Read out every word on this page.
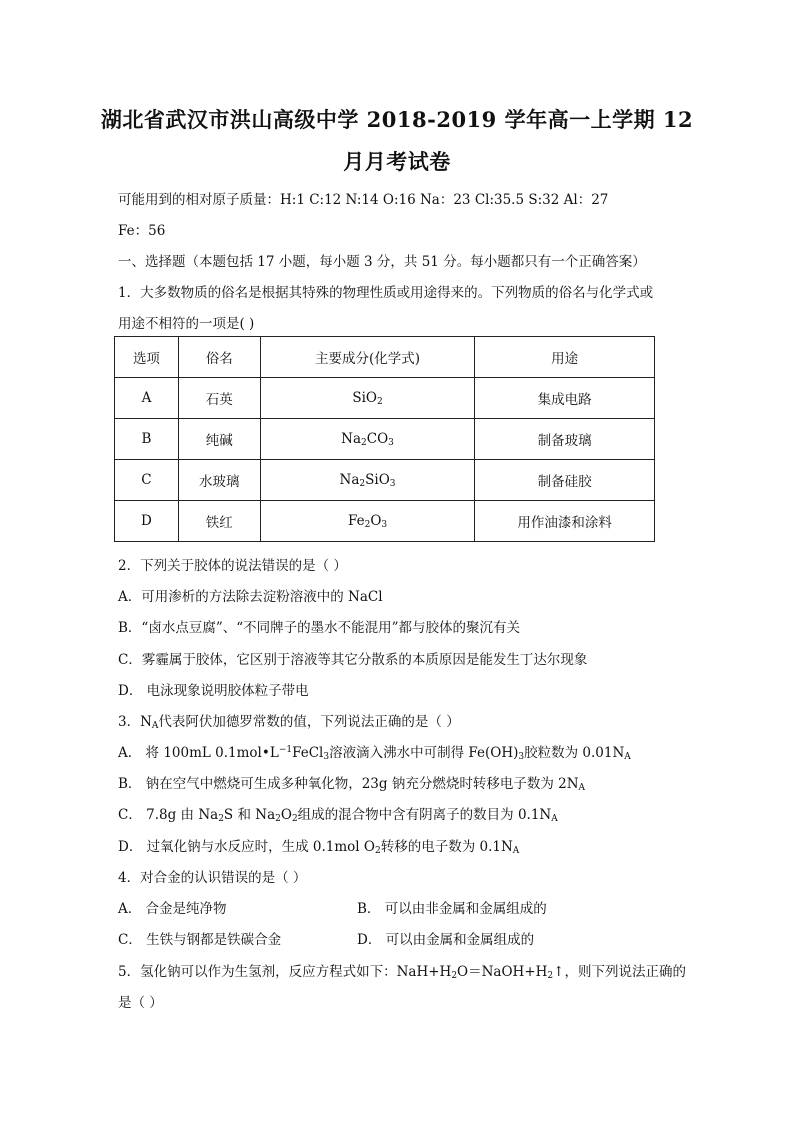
湖北省武汉市洪山高级中学 2018-2019 学年高一上学期 12
月月考试卷
可能用到的相对原子质量：H:1 C:12 N:14 O:16 Na：23 Cl:35.5 S:32 Al：27
Fe：56
一、选择题（本题包括 17 小题，每小题 3 分，共 51 分。每小题都只有一个正确答案）
1．大多数物质的俗名是根据其特殊的物理性质或用途得来的。下列物质的俗名与化学式或
用途不相符的一项是( )
选项	俗名	主要成分(化学式)	用途
A	石英	SiO$_2$	集成电路
B	纯碱	$Na_2CO_3$	制备玻璃
C	水玻璃	$Na_2SiO_3$	制备硅胶
D	铁红	$Fe_2O_3$	用作油漆和涂料
2．下列关于胶体的说法错误的是（ ）
A．可用渗析的方法除去淀粉溶液中的 NaCl
B．“卤水点豆腐”、“不同牌子的墨水不能混用”都与胶体的聚沉有关
C．雾霾属于胶体，它区别于溶液等其它分散系的本质原因是能发生丁达尔现象
D． 电泳现象说明胶体粒子带电
3．$N_A$代表阿伏加德罗常数的值，下列说法正确的是（ ）
A． 将 100mL $0.1mol•L^{-1}FeCl_3$溶液滴入沸水中可制得 $Fe(OH)_3$胶粒数为 $0.01N_A$
B． 钠在空气中燃烧可生成多种氧化物，23g 钠充分燃烧时转移电子数为 $2N_A$
C． 7.8g 由 $Na_2S$ 和 $Na_2O_2$组成的混合物中含有阴离子的数目为 $0.1N_A$
D． 过氧化钠与水反应时，生成 0.1mol $O_2$转移的电子数为 $0.1N_A$
4．对合金的认识错误的是（ ）
A． 合金是纯净物	B． 可以由非金属和金属组成的
C． 生铁与钢都是铁碳合金	D． 可以由金属和金属组成的
5．氢化钠可以作为生氢剂，反应方程式如下：$NaH+H_2O=NaOH+H_2↑$，则下列说法正确的
是（ ）
